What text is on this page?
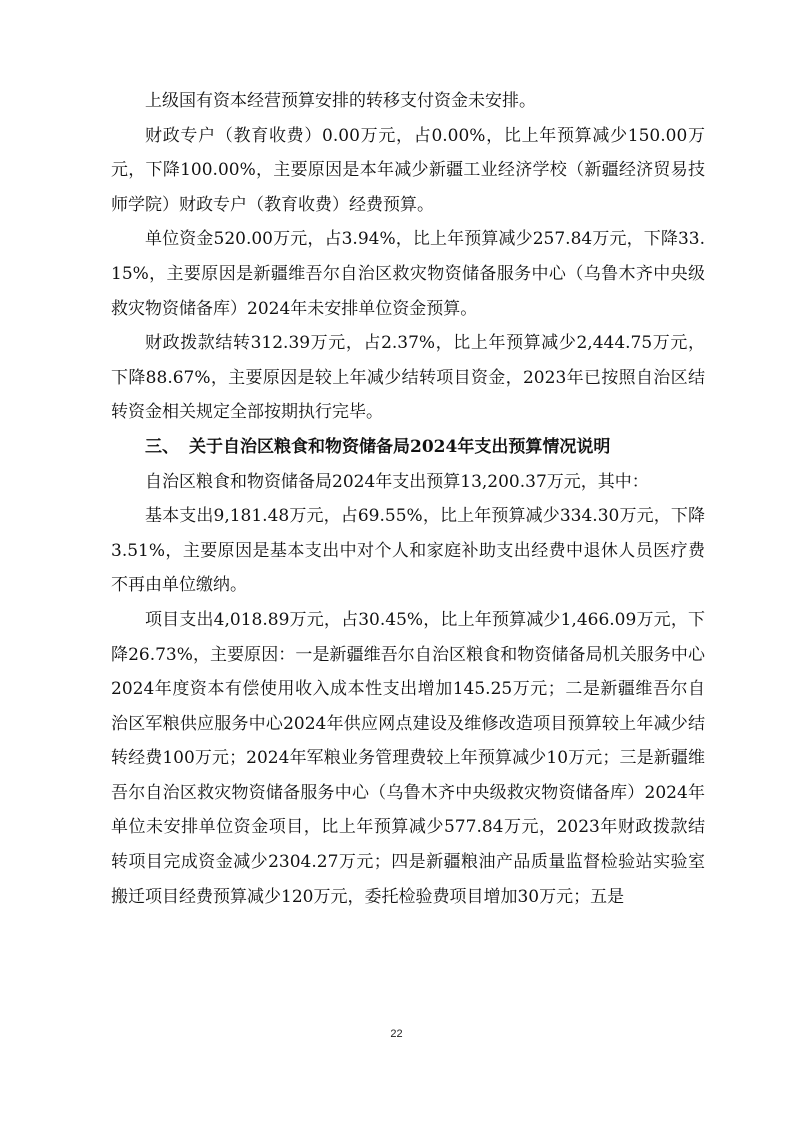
上级国有资本经营预算安排的转移支付资金未安排。

财政专户（教育收费）0.00万元，占0.00%，比上年预算减少150.00万元，下降100.00%，主要原因是本年减少新疆工业经济学校（新疆经济贸易技师学院）财政专户（教育收费）经费预算。

单位资金520.00万元，占3.94%，比上年预算减少257.84万元，下降33.15%，主要原因是新疆维吾尔自治区救灾物资储备服务中心（乌鲁木齐中央级救灾物资储备库）2024年未安排单位资金预算。

财政拨款结转312.39万元，占2.37%，比上年预算减少2,444.75万元，下降88.67%，主要原因是较上年减少结转项目资金，2023年已按照自治区结转资金相关规定全部按期执行完毕。

三、 关于自治区粮食和物资储备局2024年支出预算情况说明

自治区粮食和物资储备局2024年支出预算13,200.37万元，其中：

基本支出9,181.48万元，占69.55%，比上年预算减少334.30万元，下降3.51%，主要原因是基本支出中对个人和家庭补助支出经费中退休人员医疗费不再由单位缴纳。

项目支出4,018.89万元，占30.45%，比上年预算减少1,466.09万元，下降26.73%，主要原因：一是新疆维吾尔自治区粮食和物资储备局机关服务中心2024年度资本有偿使用收入成本性支出增加145.25万元；二是新疆维吾尔自治区军粮供应服务中心2024年供应网点建设及维修改造项目预算较上年减少结转经费100万元；2024年军粮业务管理费较上年预算减少10万元；三是新疆维吾尔自治区救灾物资储备服务中心（乌鲁木齐中央级救灾物资储备库）2024年单位未安排单位资金项目，比上年预算减少577.84万元，2023年财政拨款结转项目完成资金减少2304.27万元；四是新疆粮油产品质量监督检验站实验室搬迁项目经费预算减少120万元，委托检验费项目增加30万元；五是

22
